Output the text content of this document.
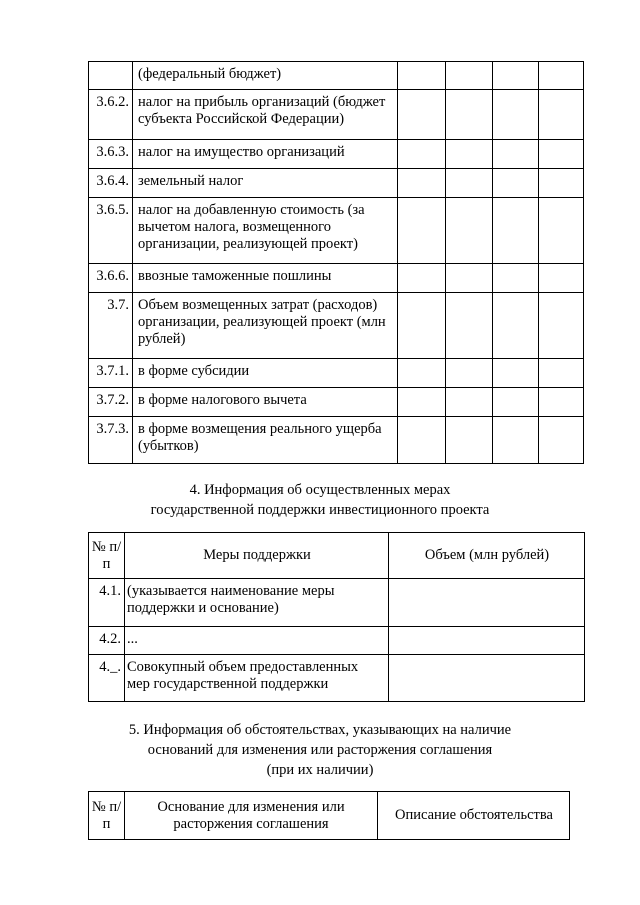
	(федеральный бюджет)				
3.6.2.	налог на прибыль организаций (бюджет субъекта Российской Федерации)				
3.6.3.	налог на имущество организаций				
3.6.4.	земельный налог				
3.6.5.	налог на добавленную стоимость (за вычетом налога, возмещенного организации, реализующей проект)				
3.6.6.	ввозные таможенные пошлины				
3.7.	Объем возмещенных затрат (расходов) организации, реализующей проект (млн рублей)				
3.7.1.	в форме субсидии				
3.7.2.	в форме налогового вычета				
3.7.3.	в форме возмещения реального ущерба (убытков)				
4. Информация об осуществленных мерах
государственной поддержки инвестиционного проекта
№ п/п	Меры поддержки	Объем (млн рублей)
4.1.	(указывается наименование меры поддержки и основание)	
4.2.	...	
4._.	Совокупный объем предоставленных мер государственной поддержки	
5. Информация об обстоятельствах, указывающих на наличие
оснований для изменения или расторжения соглашения
(при их наличии)
№ п/п	Основание для изменения или расторжения соглашения	Описание обстоятельства
